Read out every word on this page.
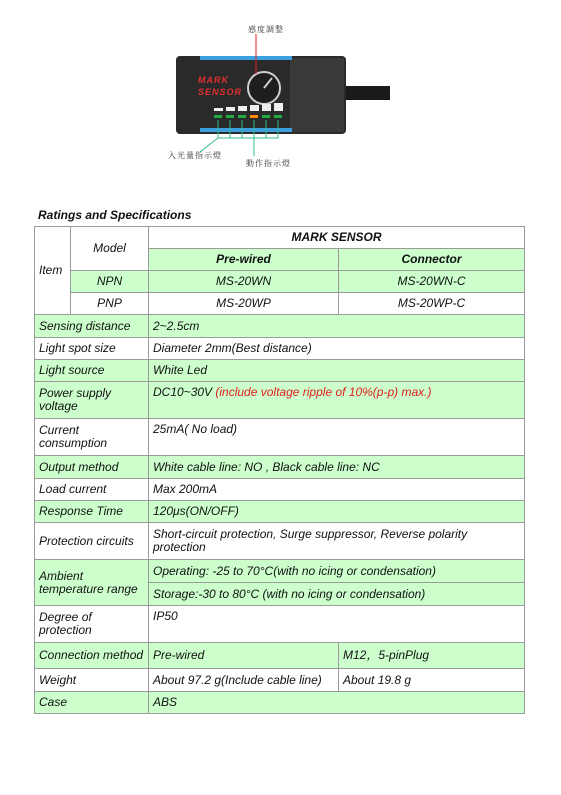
MARK
SENSOR
感度調整
入光量指示燈
動作指示燈
Ratings and Specifications
Item	Model	MARK SENSOR	
		Pre-wired	Connector
	NPN	MS-20WN	MS-20WN-C
	PNP	MS-20WP	MS-20WP-C
Sensing distance		2~2.5cm	
Light spot size		Diameter 2mm(Best distance)	
Light source		White Led	
Power supply voltage		DC10~30V (include voltage ripple of 10%(p-p) max.)	
Current consumption		25mA( No load)	
Output method		White cable line: NO , Black cable line: NC	
Load current		Max 200mA	
Response Time		120μs(ON/OFF)	
Protection circuits		Short-circuit protection, Surge suppressor, Reverse polarity protection	
Ambient temperature range		Operating: -25 to 70°C(with no icing or condensation)	
		Storage:-30 to 80°C (with no icing or condensation)	
Degree of protection		IP50	
Connection method		Pre-wired	M12，5-pinPlug
Weight		About 97.2 g(Include cable line)	About 19.8 g
Case		ABS	
